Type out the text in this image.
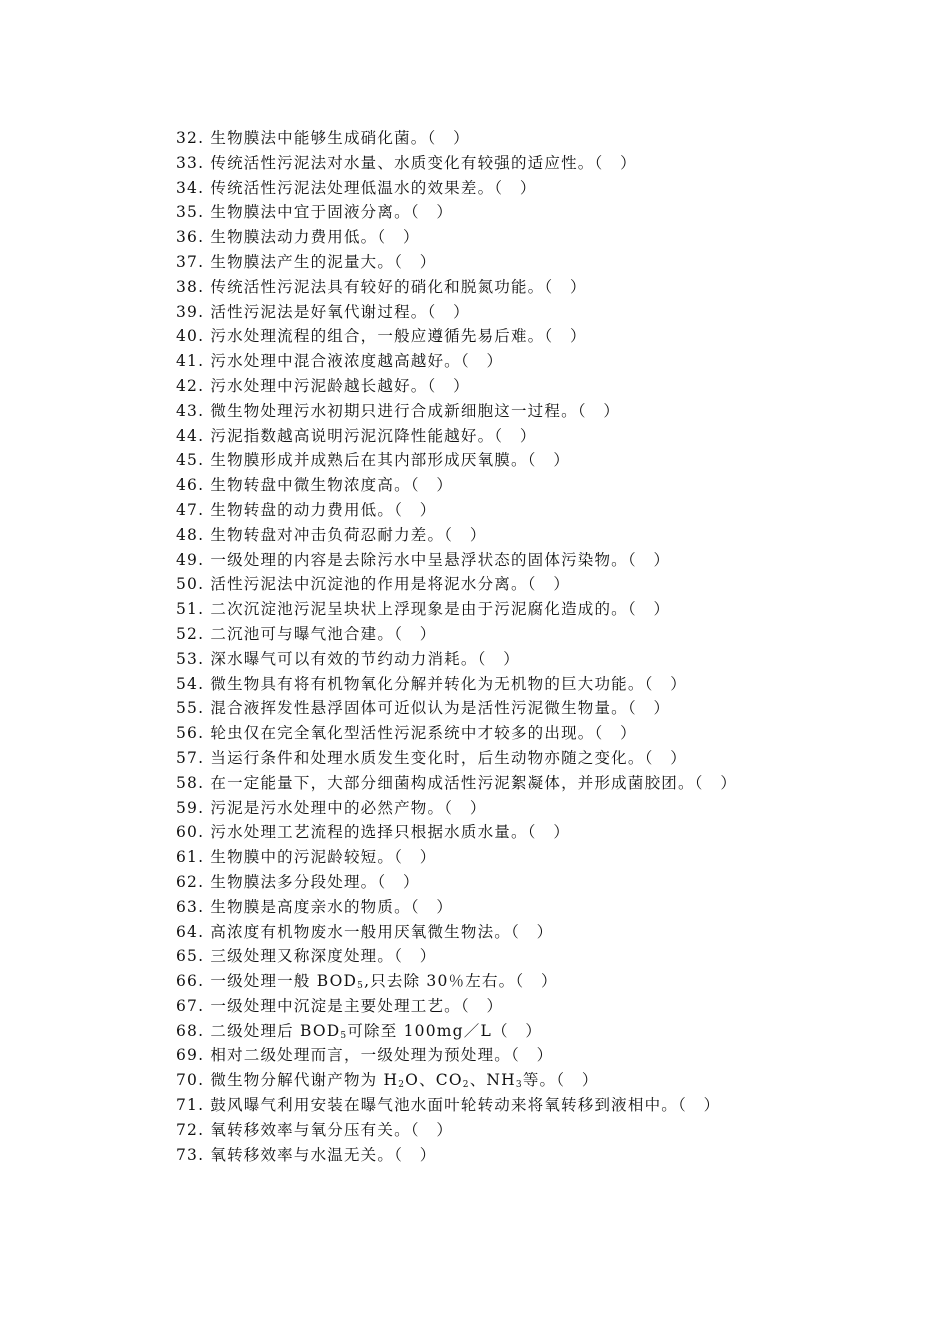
32. 生物膜法中能够生成硝化菌。（　）
33. 传统活性污泥法对水量、水质变化有较强的适应性。（　）
34. 传统活性污泥法处理低温水的效果差。（　）
35. 生物膜法中宜于固液分离。（　）
36. 生物膜法动力费用低。（　）
37. 生物膜法产生的泥量大。（　）
38. 传统活性污泥法具有较好的硝化和脱氮功能。（　）
39. 活性污泥法是好氧代谢过程。（　）
40. 污水处理流程的组合，一般应遵循先易后难。（　）
41. 污水处理中混合液浓度越高越好。（　）
42. 污水处理中污泥龄越长越好。（　）
43. 微生物处理污水初期只进行合成新细胞这一过程。（　）
44. 污泥指数越高说明污泥沉降性能越好。（　）
45. 生物膜形成并成熟后在其内部形成厌氧膜。（　）
46. 生物转盘中微生物浓度高。（　）
47. 生物转盘的动力费用低。（　）
48. 生物转盘对冲击负荷忍耐力差。（　）
49. 一级处理的内容是去除污水中呈悬浮状态的固体污染物。（　）
50. 活性污泥法中沉淀池的作用是将泥水分离。（　）
51. 二次沉淀池污泥呈块状上浮现象是由于污泥腐化造成的。（　）
52. 二沉池可与曝气池合建。（　）
53. 深水曝气可以有效的节约动力消耗。（　）
54. 微生物具有将有机物氧化分解并转化为无机物的巨大功能。（　）
55. 混合液挥发性悬浮固体可近似认为是活性污泥微生物量。（　）
56. 轮虫仅在完全氧化型活性污泥系统中才较多的出现。（　）
57. 当运行条件和处理水质发生变化时，后生动物亦随之变化。（　）
58. 在一定能量下，大部分细菌构成活性污泥絮凝体，并形成菌胶团。（　）
59. 污泥是污水处理中的必然产物。（　）
60. 污水处理工艺流程的选择只根据水质水量。（　）
61. 生物膜中的污泥龄较短。（　）
62. 生物膜法多分段处理。（　）
63. 生物膜是高度亲水的物质。（　）
64. 高浓度有机物废水一般用厌氧微生物法。（　）
65. 三级处理又称深度处理。（　）
66. 一级处理一般 $BOD_5$,只去除 30％左右。（　）
67. 一级处理中沉淀是主要处理工艺。（　）
68. 二级处理后 $BOD_5$可除至 100mg／L（　）
69. 相对二级处理而言，一级处理为预处理。（　）
70. 微生物分解代谢产物为 $H_2O$、$CO_2$、$NH_3$等。（　）
71. 鼓风曝气利用安装在曝气池水面叶轮转动来将氧转移到液相中。（　）
72. 氧转移效率与氧分压有关。（　）
73. 氧转移效率与水温无关。（　）
